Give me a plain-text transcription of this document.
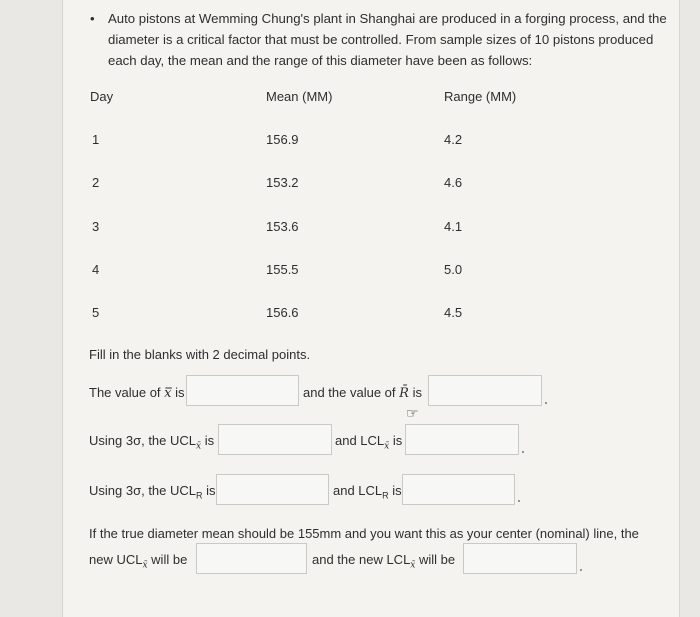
• Auto pistons at Wemming Chung's plant in Shanghai are produced in a forging process, and the diameter is a critical factor that must be controlled. From sample sizes of 10 pistons produced each day, the mean and the range of this diameter have been as follows:
Day	Mean (MM)	Range (MM)
1	156.9	4.2
2	153.2	4.6
3	153.6	4.1
4	155.5	5.0
5	156.6	4.5
Fill in the blanks with 2 decimal points.
The value of x̿ is	and the value of R̄ is
☞
Using 3σ, the $UCL_{x̄}$ is	and $LCL_{x̄}$ is
Using 3σ, the $UCL_R$ is	and $LCL_R$ is
If the true diameter mean should be 155mm and you want this as your center (nominal) line, the
new $UCL_{x̄}$ will be	and the new $LCL_{x̄}$ will be
